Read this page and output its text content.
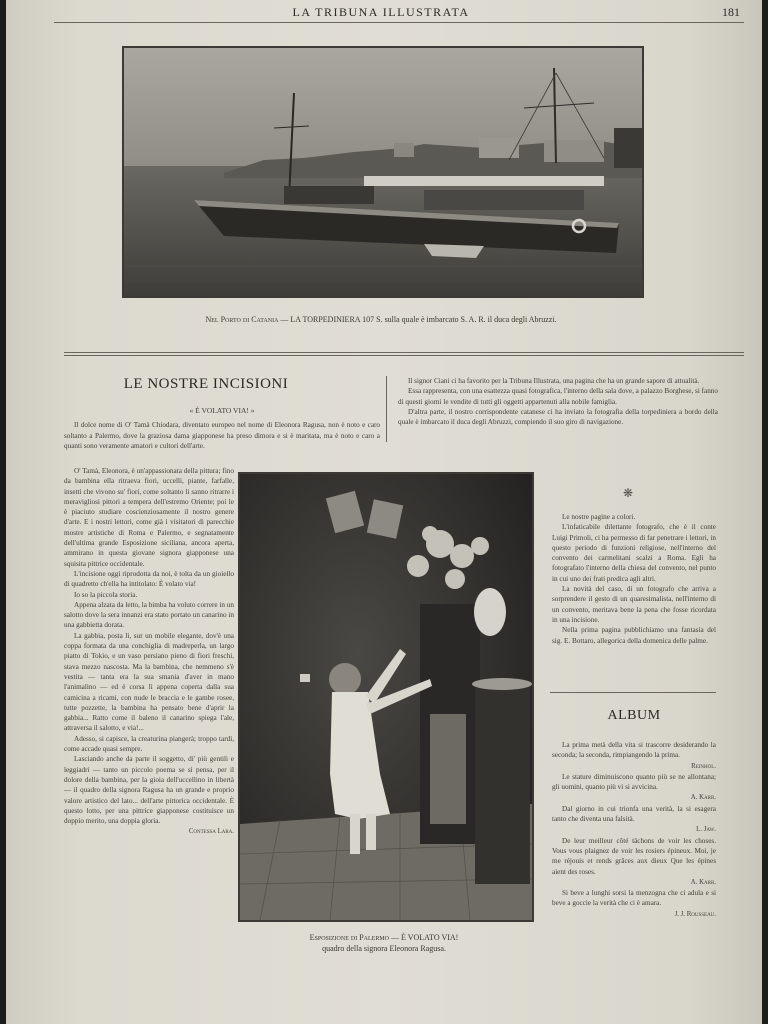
LA TRIBUNA ILLUSTRATA	181
Nel Porto di Catania — LA TORPEDINIERA 107 S. sulla quale è imbarcato S. A. R. il duca degli Abruzzi.
LE NOSTRE INCISIONI
« È VOLATO VIA! »

Il dolce nome di O' Tamà Chiodara, diventato europeo nel nome di Eleonora Ragusa, non è noto e caro soltanto a Palermo, dove la graziosa dama giapponese ha preso dimora e si è maritata, ma è noto e caro a quanti sono veramente amatori e cultori dell'arte.

O' Tamà, Eleonora, è un'appassionata della pittura; fino da bambina ella ritraeva fiori, uccelli, piante, farfalle, insetti che vivono su' fiori, come soltanto li sanno ritrarre i meravigliosi pittori a tempera dell'estremo Oriente; poi le è piaciuto studiare coscienziosamente il nostro genere d'arte. E i nostri lettori, come già i visitatori di parecchie mostre artistiche di Roma e Palermo, e segnatamente dell'ultima grande Esposizione siciliana, ancora aperta, ammirano in questa giovane signora giapponese una squisita pittrice occidentale.

L'incisione oggi riprodotta da noi, è tolta da un gioiello di quadretto ch'ella ha intitolato: È volato via!

Io so la piccola storia.

Appena alzata da letto, la bimba ha voluto correre in un salotto dove la sera innanzi era stato portato un canarino in una gabbietta dorata.

La gabbia, posta lì, sur un mobile elegante, dov'è una coppa formata da una conchiglia di madreperla, un largo piatto di Tokio, e un vaso persiano pieno di fiori freschi, stava mezzo nascosta. Ma la bambina, che nemmeno s'è vestita — tanta era la sua smania d'aver in mano l'animalino — ed è corsa lì appena coperta dalla sua camicina a ricami, con nude le braccia e le gambe rosee, tutte pozzette, la bambina ha pensato bene d'aprir la gabbia... Ratto come il baleno il canarino spiega l'ale, attraversa il salotto, e via!...

Adesso, si capisce, la creaturina piangerà; troppo tardi, come accade quasi sempre.

Lasciando anche da parte il soggetto, di' più gentili e leggiadri — tanto un piccolo poema se sì pensa, per il dolore della bambina, per la gioia dell'uccellino in libertà — il quadro della signora Ragusa ha un grande e proprio valore artistico del lato... dell'arte pittorica occidentale. È questo lotto, per una pittrice giapponese costituisce un doppio merito, una doppia gloria.

Contessa Lara.

Il signor Ciani ci ha favorito per la Tribuna Illustrata, una pagina che ha un grande sapore di attualità.

Essa rappresenta, con una esattezza quasi fotografica, l'interno della sala dove, a palazzo Borghese, si fanno di questi giorni le vendite di tutti gli oggetti appartenuti alla nobile famiglia.

D'altra parte, il nostro corrispondente catanese ci ha inviato la fotografia della torpediniera a bordo della quale è imbarcato il duca degli Abruzzi, compiendo il suo giro di navigazione.

❋

Le nostre pagine a colori.

L'infaticabile dilettante fotografo, che è il conte Luigi Primoli, ci ha permesso di far penetrare i lettori, in questo periodo di funzioni religiose, nell'interno del convento dei carmelitani scalzi a Roma. Egli ha fotografato l'interno della chiesa del convento, nel punto in cui uno dei frati predica agli altri.

La novità del caso, di un fotografo che arriva a sorprendere il gesto di un quaresimalista, nell'interno di un convento, meritava bene la pena che fosse ricordata in una incisione.

Nella prima pagina pubblichiamo una fantasia del sig. E. Bottaro, allegorica della domenica delle palme.

ALBUM

La prima metà della vita si trascorre desiderando la seconda; la seconda, rimpiangendo la prima.

Reinhol.

Le stature diminuiscono quanto più se ne allontana; gli uomini, quanto più vi si avvicina.

A. Karr.

Dal giorno in cui trionfa una verità, la si esagera tanto che diventa una falsità.

L. Jaw.

De leur meilleur côté tâchons de voir les choses. Vous vous plaignez de voir les rosiers épineux. Moi, je me réjouis et rends grâces aux dieux Que les épines aient des roses.

A. Karr.

Si beve a lunghi sorsi la menzogna che ci adula e si beve a goccie la verità che ci è amara.

J. J. Rousseau.
Esposizione di Palermo — È VOLATO VIA!
quadro della signora Eleonora Ragusa.
